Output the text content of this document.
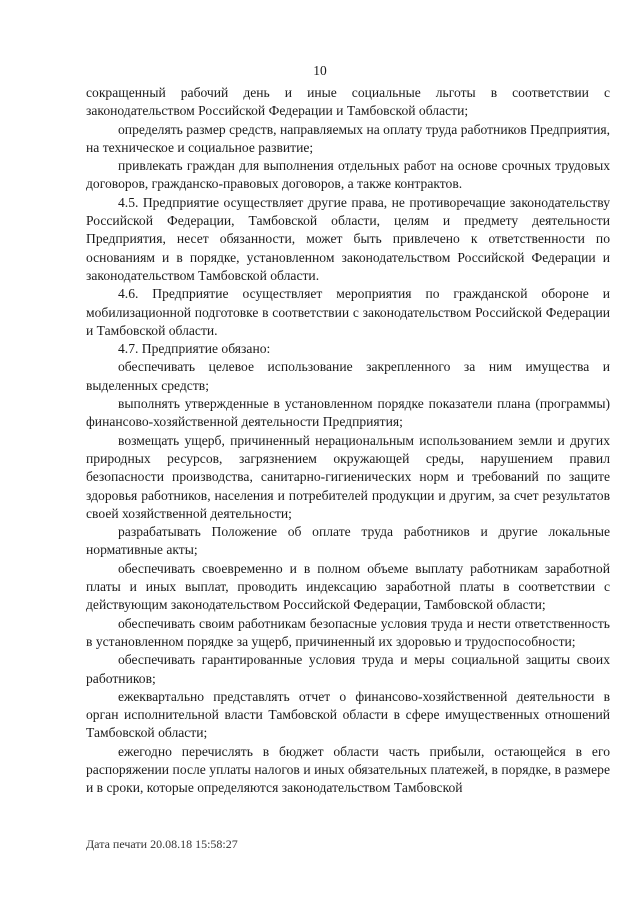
10

сокращенный рабочий день и иные социальные льготы в соответствии с законодательством Российской Федерации и Тамбовской области;

определять размер средств, направляемых на оплату труда работников Предприятия, на техническое и социальное развитие;

привлекать граждан для выполнения отдельных работ на основе срочных трудовых договоров, гражданско-правовых договоров, а также контрактов.

4.5. Предприятие осуществляет другие права, не противоречащие законодательству Российской Федерации, Тамбовской области, целям и предмету деятельности Предприятия, несет обязанности, может быть привлечено к ответственности по основаниям и в порядке, установленном законодательством Российской Федерации и законодательством Тамбовской области.

4.6. Предприятие осуществляет мероприятия по гражданской обороне и мобилизационной подготовке в соответствии с законодательством Российской Федерации и Тамбовской области.

4.7. Предприятие обязано:

обеспечивать целевое использование закрепленного за ним имущества и выделенных средств;

выполнять утвержденные в установленном порядке показатели плана (программы) финансово-хозяйственной деятельности Предприятия;

возмещать ущерб, причиненный нерациональным использованием земли и других природных ресурсов, загрязнением окружающей среды, нарушением правил безопасности производства, санитарно-гигиенических норм и требований по защите здоровья работников, населения и потребителей продукции и другим, за счет результатов своей хозяйственной деятельности;

разрабатывать Положение об оплате труда работников и другие локальные нормативные акты;

обеспечивать своевременно и в полном объеме выплату работникам заработной платы и иных выплат, проводить индексацию заработной платы в соответствии с действующим законодательством Российской Федерации, Тамбовской области;

обеспечивать своим работникам безопасные условия труда и нести ответственность в установленном порядке за ущерб, причиненный их здоровью и трудоспособности;

обеспечивать гарантированные условия труда и меры социальной защиты своих работников;

ежеквартально представлять отчет о финансово-хозяйственной деятельности в орган исполнительной власти Тамбовской области в сфере имущественных отношений Тамбовской области;

ежегодно перечислять в бюджет области часть прибыли, остающейся в его распоряжении после уплаты налогов и иных обязательных платежей, в порядке, в размере и в сроки, которые определяются законодательством Тамбовской

Дата печати 20.08.18 15:58:27
